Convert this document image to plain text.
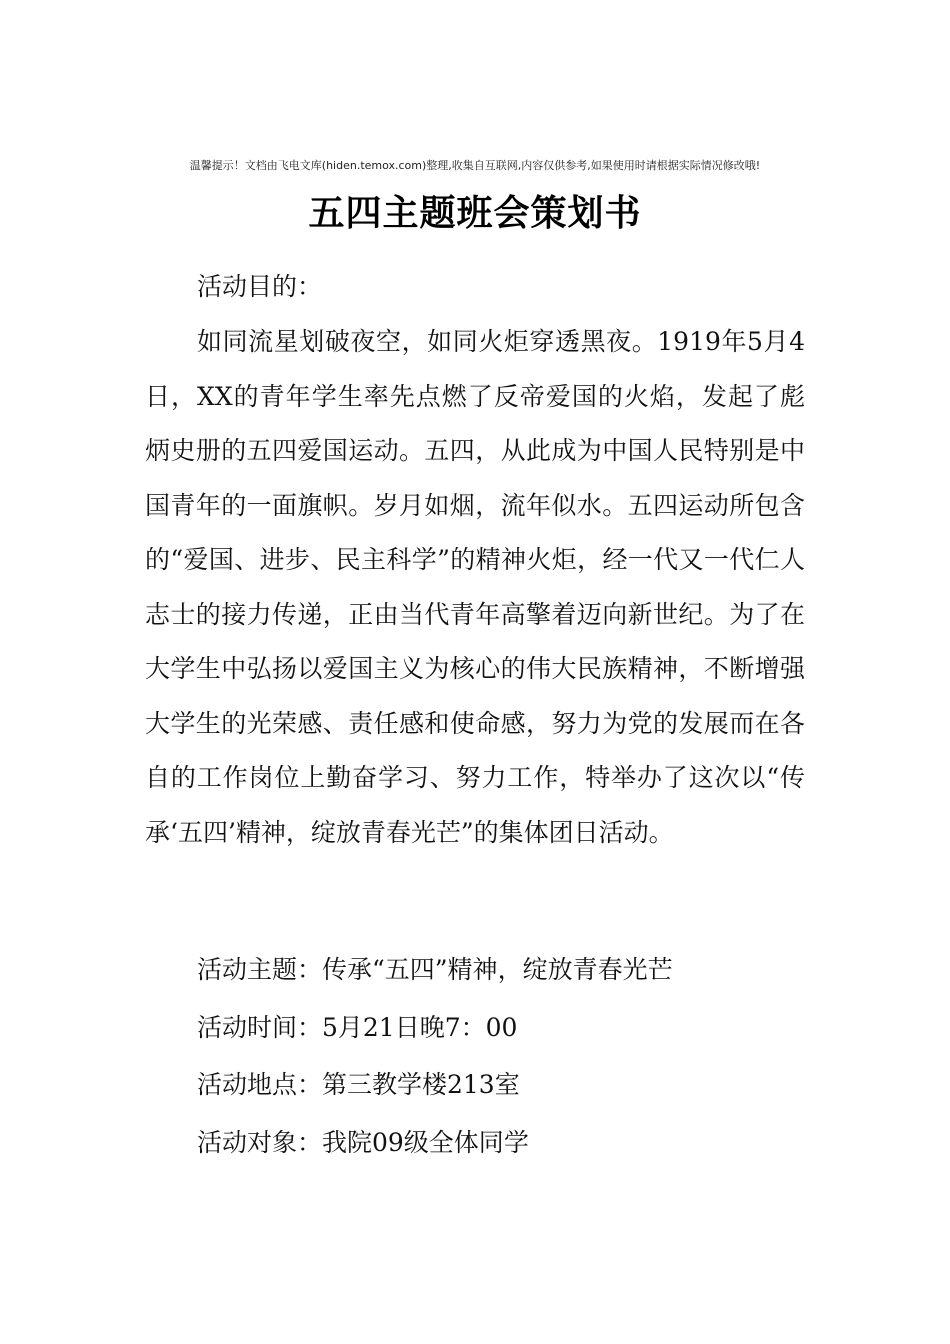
温馨提示！文档由飞电文库(hiden.temox.com)整理,收集自互联网,内容仅供参考,如果使用时请根据实际情况修改哦!
五四主题班会策划书
活动目的：
如同流星划破夜空，如同火炬穿透黑夜。1919年5月4日，XX的青年学生率先点燃了反帝爱国的火焰，发起了彪炳史册的五四爱国运动。五四，从此成为中国人民特别是中国青年的一面旗帜。岁月如烟，流年似水。五四运动所包含的“爱国、进步、民主科学”的精神火炬，经一代又一代仁人志士的接力传递，正由当代青年高擎着迈向新世纪。为了在大学生中弘扬以爱国主义为核心的伟大民族精神，不断增强大学生的光荣感、责任感和使命感，努力为党的发展而在各自的工作岗位上勤奋学习、努力工作，特举办了这次以“传承‘五四’精神，绽放青春光芒”的集体团日活动。
活动主题：传承“五四”精神，绽放青春光芒
活动时间：5月21日晚7：00
活动地点：第三教学楼213室
活动对象：我院09级全体同学
